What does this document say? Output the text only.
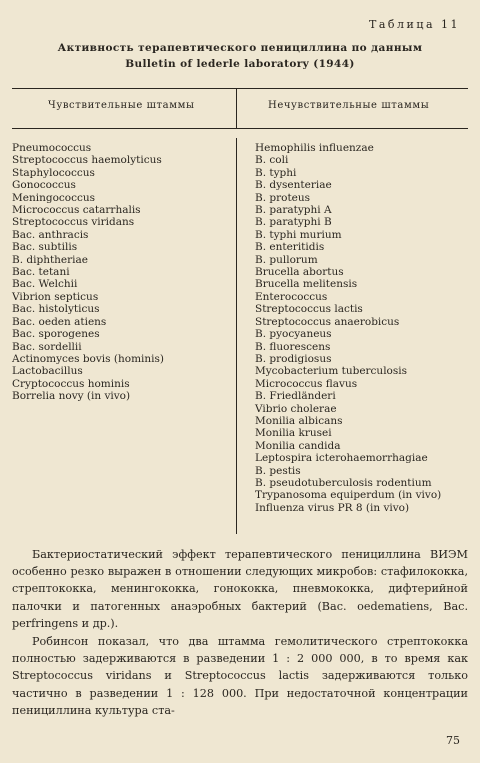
Таблица 11
Активность терапевтического пенициллина по данным
Bulletin of lederle laboratory (1944)
Чувствительные штаммы	Нечувствительные штаммы
Pneumococcus
Streptococcus haemolyticus
Staphylococcus
Gonococcus
Meningococcus
Micrococcus catarrhalis
Streptococcus viridans
Bac. anthracis
Bac. subtilis
B. diphtheriae
Bac. tetani
Bac. Welchii
Vibrion septicus
Bac. histolyticus
Bac. oeden atiens
Bac. sporogenes
Bac. sordellii
Actinomyces bovis (hominis)
Lactobacillus
Cryptococcus hominis
Borrelia novy (in vivo)
Hemophilis influenzae
B. coli
B. typhi
B. dysenteriae
B. proteus
B. paratyphi A
B. paratyphi B
B. typhi murium
B. enteritidis
B. pullorum
Brucella abortus
Brucella melitensis
Enterococcus
Streptococcus lactis
Streptococcus anaerobicus
B. pyocyaneus
B. fluorescens
B. prodigiosus
Mycobacterium tuberculosis
Micrococcus flavus
B. Friedländeri
Vibrio cholerae
Monilia albicans
Monilia krusei
Monilia candida
Leptospira icterohaemorrhagiae
B. pestis
B. pseudotuberculosis rodentium
Trypanosoma equiperdum (in vivo)
Influenza virus PR 8 (in vivo)
Бактериостатический эффект терапевтического пенициллина ВИЭМ особенно резко выражен в отношении следующих микробов: стафилококка, стрептококка, менингококка, гонококка, пневмококка, дифтерийной палочки и патогенных анаэробных бактерий (Bac. oedematiens, Bac. perfringens и др.).
Робинсон показал, что два штамма гемолитического стрептококка полностью задерживаются в разведении 1 : 2 000 000, в то время как Streptococcus viridans и Streptococcus lactis задерживаются только частично в разведении 1 : 128 000. При недостаточной концентрации пенициллина культура ста-
75
